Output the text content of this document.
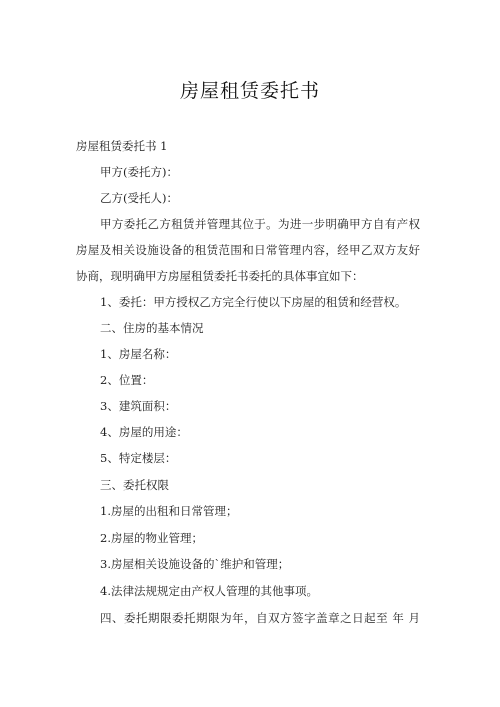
房屋租赁委托书
房屋租赁委托书 1
甲方(委托方)：
乙方(受托人)：
甲方委托乙方租赁并管理其位于。为进一步明确甲方自有产权
房屋及相关设施设备的租赁范围和日常管理内容，经甲乙双方友好
协商，现明确甲方房屋租赁委托书委托的具体事宜如下：
1、委托：甲方授权乙方完全行使以下房屋的租赁和经营权。
二、住房的基本情况
1、房屋名称：
2、位置：
3、建筑面积：
4、房屋的用途：
5、特定楼层：
三、委托权限
1.房屋的出租和日常管理；
2.房屋的物业管理；
3.房屋相关设施设备的`维护和管理；
4.法律法规规定由产权人管理的其他事项。
四、委托期限委托期限为年，自双方签字盖章之日起至 年 月
